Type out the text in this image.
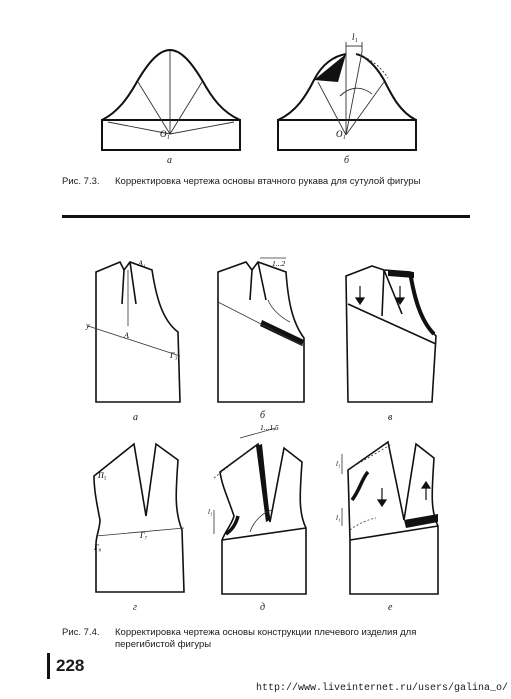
O₁
l₁
O₁
а	б
Рис. 7.3. Корректировка чертежа основы втачного рукава для сутулой фигуры
A₁
A
у
Г₃
1...2
П₅
Г₈
Г₇
1...1,5
l₁
l₁
l₁
а	б	в
г	д	е
Рис. 7.4. Корректировка чертежа основы конструкции плечевого изделия для
перегибистой фигуры
228
http://www.liveinternet.ru/users/galina_o/
